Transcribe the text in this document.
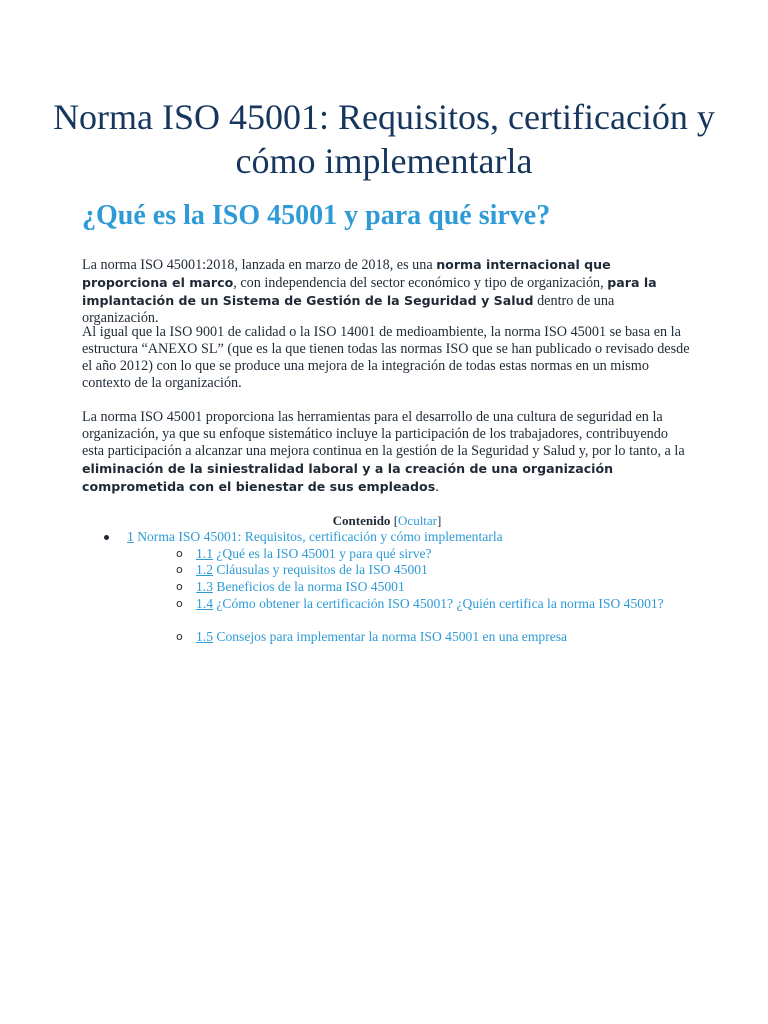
Norma ISO 45001: Requisitos, certificación y cómo implementarla
¿Qué es la ISO 45001 y para qué sirve?

La norma ISO 45001:2018, lanzada en marzo de 2018, es una norma internacional que proporciona el marco, con independencia del sector económico y tipo de organización, para la implantación de un Sistema de Gestión de la Seguridad y Salud dentro de una organización.

Al igual que la ISO 9001 de calidad o la ISO 14001 de medioambiente, la norma ISO 45001 se basa en la estructura “ANEXO SL” (que es la que tienen todas las normas ISO que se han publicado o revisado desde el año 2012) con lo que se produce una mejora de la integración de todas estas normas en un mismo contexto de la organización.

La norma ISO 45001 proporciona las herramientas para el desarrollo de una cultura de seguridad en la organización, ya que su enfoque sistemático incluye la participación de los trabajadores, contribuyendo esta participación a alcanzar una mejora continua en la gestión de la Seguridad y Salud y, por lo tanto, a la eliminación de la siniestralidad laboral y a la creación de una organización comprometida con el bienestar de sus empleados.

Contenido [Ocultar]
1 Norma ISO 45001: Requisitos, certificación y cómo implementarla
o 1.1 ¿Qué es la ISO 45001 y para qué sirve?
o 1.2 Cláusulas y requisitos de la ISO 45001
o 1.3 Beneficios de la norma ISO 45001
o 1.4 ¿Cómo obtener la certificación ISO 45001? ¿Quién certifica la norma ISO 45001?
o 1.5 Consejos para implementar la norma ISO 45001 en una empresa
